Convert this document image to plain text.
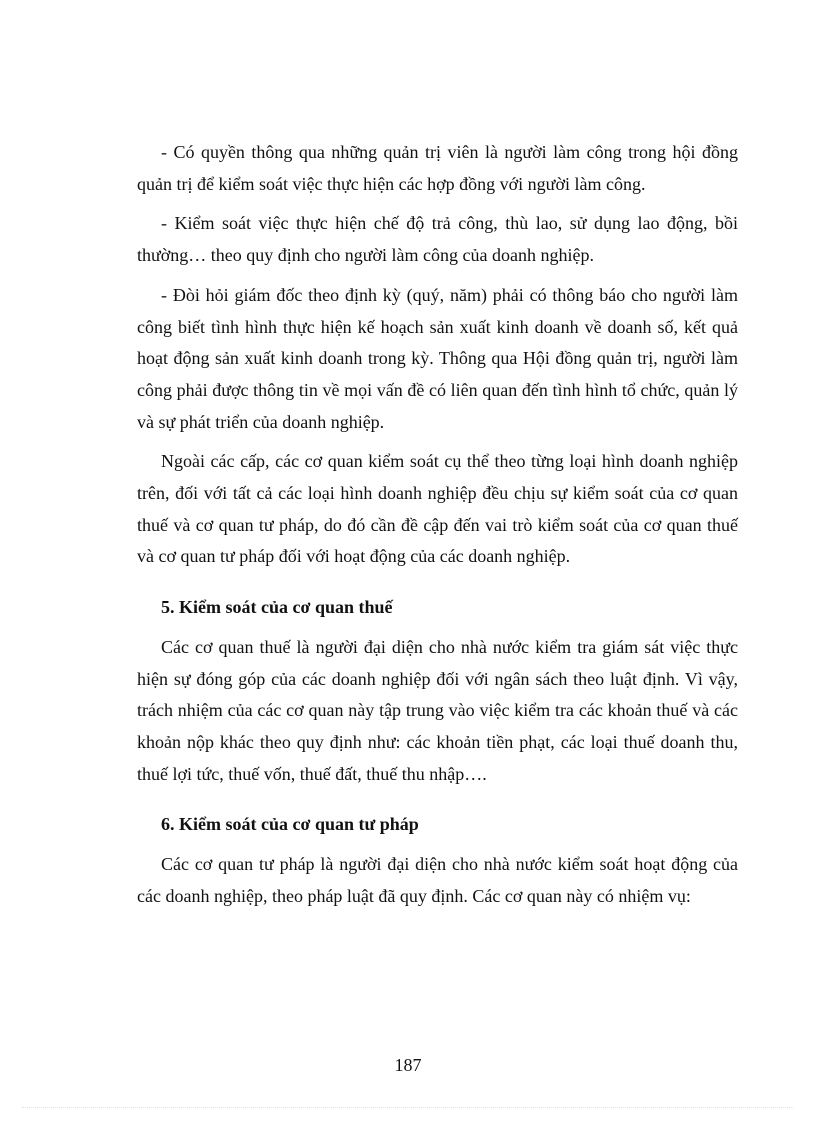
- Có quyền thông qua những quản trị viên là người làm công trong hội đồng quản trị để kiểm soát việc thực hiện các hợp đồng với người làm công.

- Kiểm soát việc thực hiện chế độ trả công, thù lao, sử dụng lao động, bồi thường… theo quy định cho người làm công của doanh nghiệp.

- Đòi hỏi giám đốc theo định kỳ (quý, năm) phải có thông báo cho người làm công biết tình hình thực hiện kế hoạch sản xuất kinh doanh về doanh số, kết quả hoạt động sản xuất kinh doanh trong kỳ. Thông qua Hội đồng quản trị, người làm công phải được thông tin về mọi vấn đề có liên quan đến tình hình tổ chức, quản lý và sự phát triển của doanh nghiệp.

Ngoài các cấp, các cơ quan kiểm soát cụ thể theo từng loại hình doanh nghiệp trên, đối với tất cả các loại hình doanh nghiệp đều chịu sự kiểm soát của cơ quan thuế và cơ quan tư pháp, do đó cần đề cập đến vai trò kiểm soát của cơ quan thuế và cơ quan tư pháp đối với hoạt động của các doanh nghiệp.

5. Kiểm soát của cơ quan thuế

Các cơ quan thuế là người đại diện cho nhà nước kiểm tra giám sát việc thực hiện sự đóng góp của các doanh nghiệp đối với ngân sách theo luật định. Vì vậy, trách nhiệm của các cơ quan này tập trung vào việc kiểm tra các khoản thuế và các khoản nộp khác theo quy định như: các khoản tiền phạt, các loại thuế doanh thu, thuế lợi tức, thuế vốn, thuế đất, thuế thu nhập….

6. Kiểm soát của cơ quan tư pháp

Các cơ quan tư pháp là người đại diện cho nhà nước kiểm soát hoạt động của các doanh nghiệp, theo pháp luật đã quy định. Các cơ quan này có nhiệm vụ:

187
